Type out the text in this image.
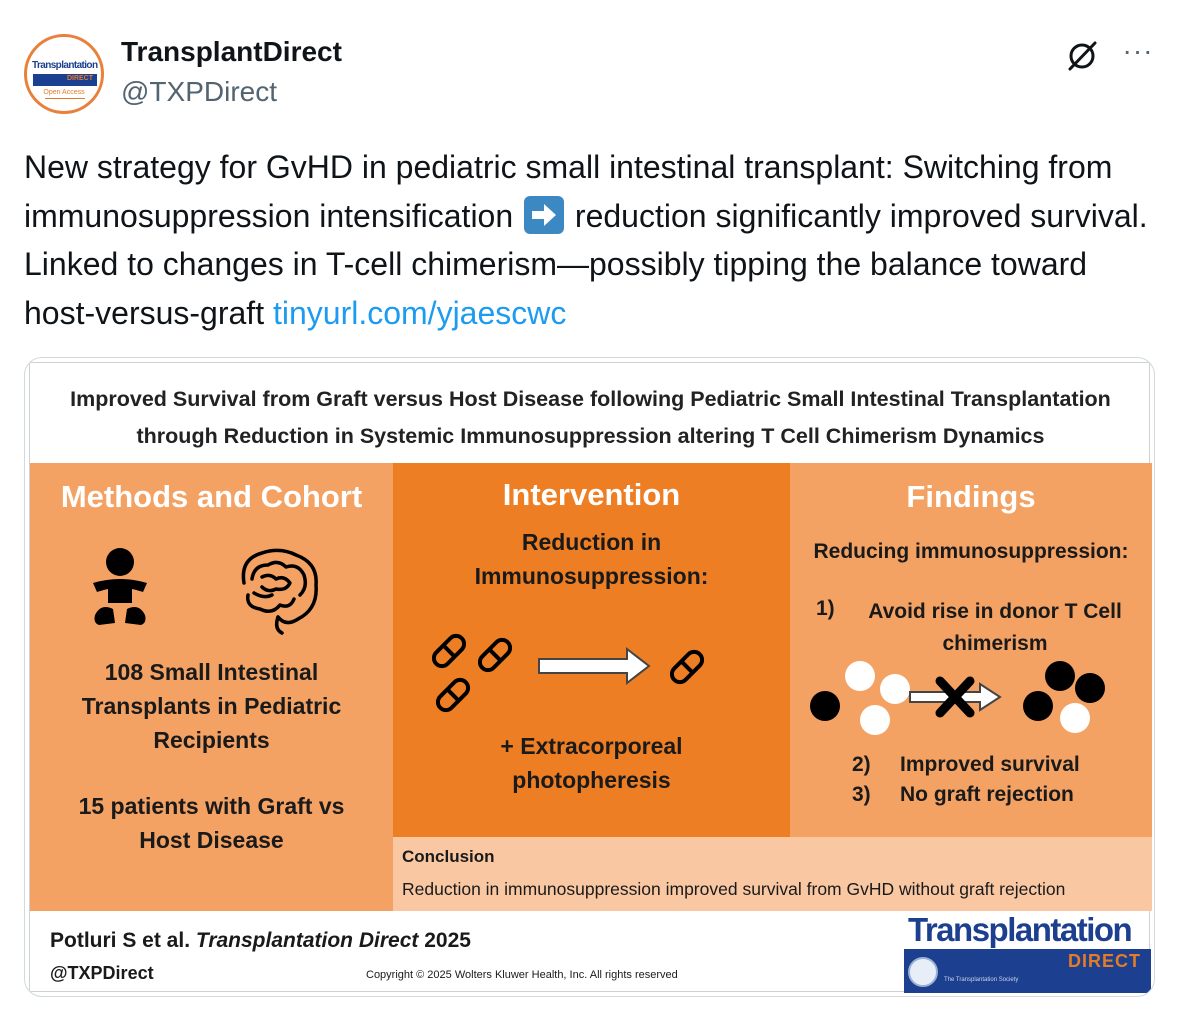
Transplantation
DIRECT
Open Access
TransplantDirect
@TXPDirect
···
New strategy for GvHD in pediatric small intestinal transplant: Switching from immunosuppression intensification
reduction significantly improved survival. Linked to changes in T-cell chimerism—possibly tipping the balance toward host-versus-graft tinyurl.com/yjaescwc
Improved Survival from Graft versus Host Disease following Pediatric Small Intestinal Transplantation
through Reduction in Systemic Immunosuppression altering T Cell Chimerism Dynamics
Methods and Cohort
108 Small Intestinal
Transplants in Pediatric
Recipients
15 patients with Graft vs
Host Disease
Intervention
Reduction in
Immunosuppression:
+ Extracorporeal
photopheresis
Findings
Reducing immunosuppression:
1)	Avoid rise in donor T Cell
chimerism
2) Improved survival
3) No graft rejection
Conclusion
Reduction in immunosuppression improved survival from GvHD without graft rejection
Potluri S et al. Transplantation Direct 2025
@TXPDirect	Copyright © 2025 Wolters Kluwer Health, Inc. All rights reserved
Transplantation
DIRECT
The Transplantation Society
